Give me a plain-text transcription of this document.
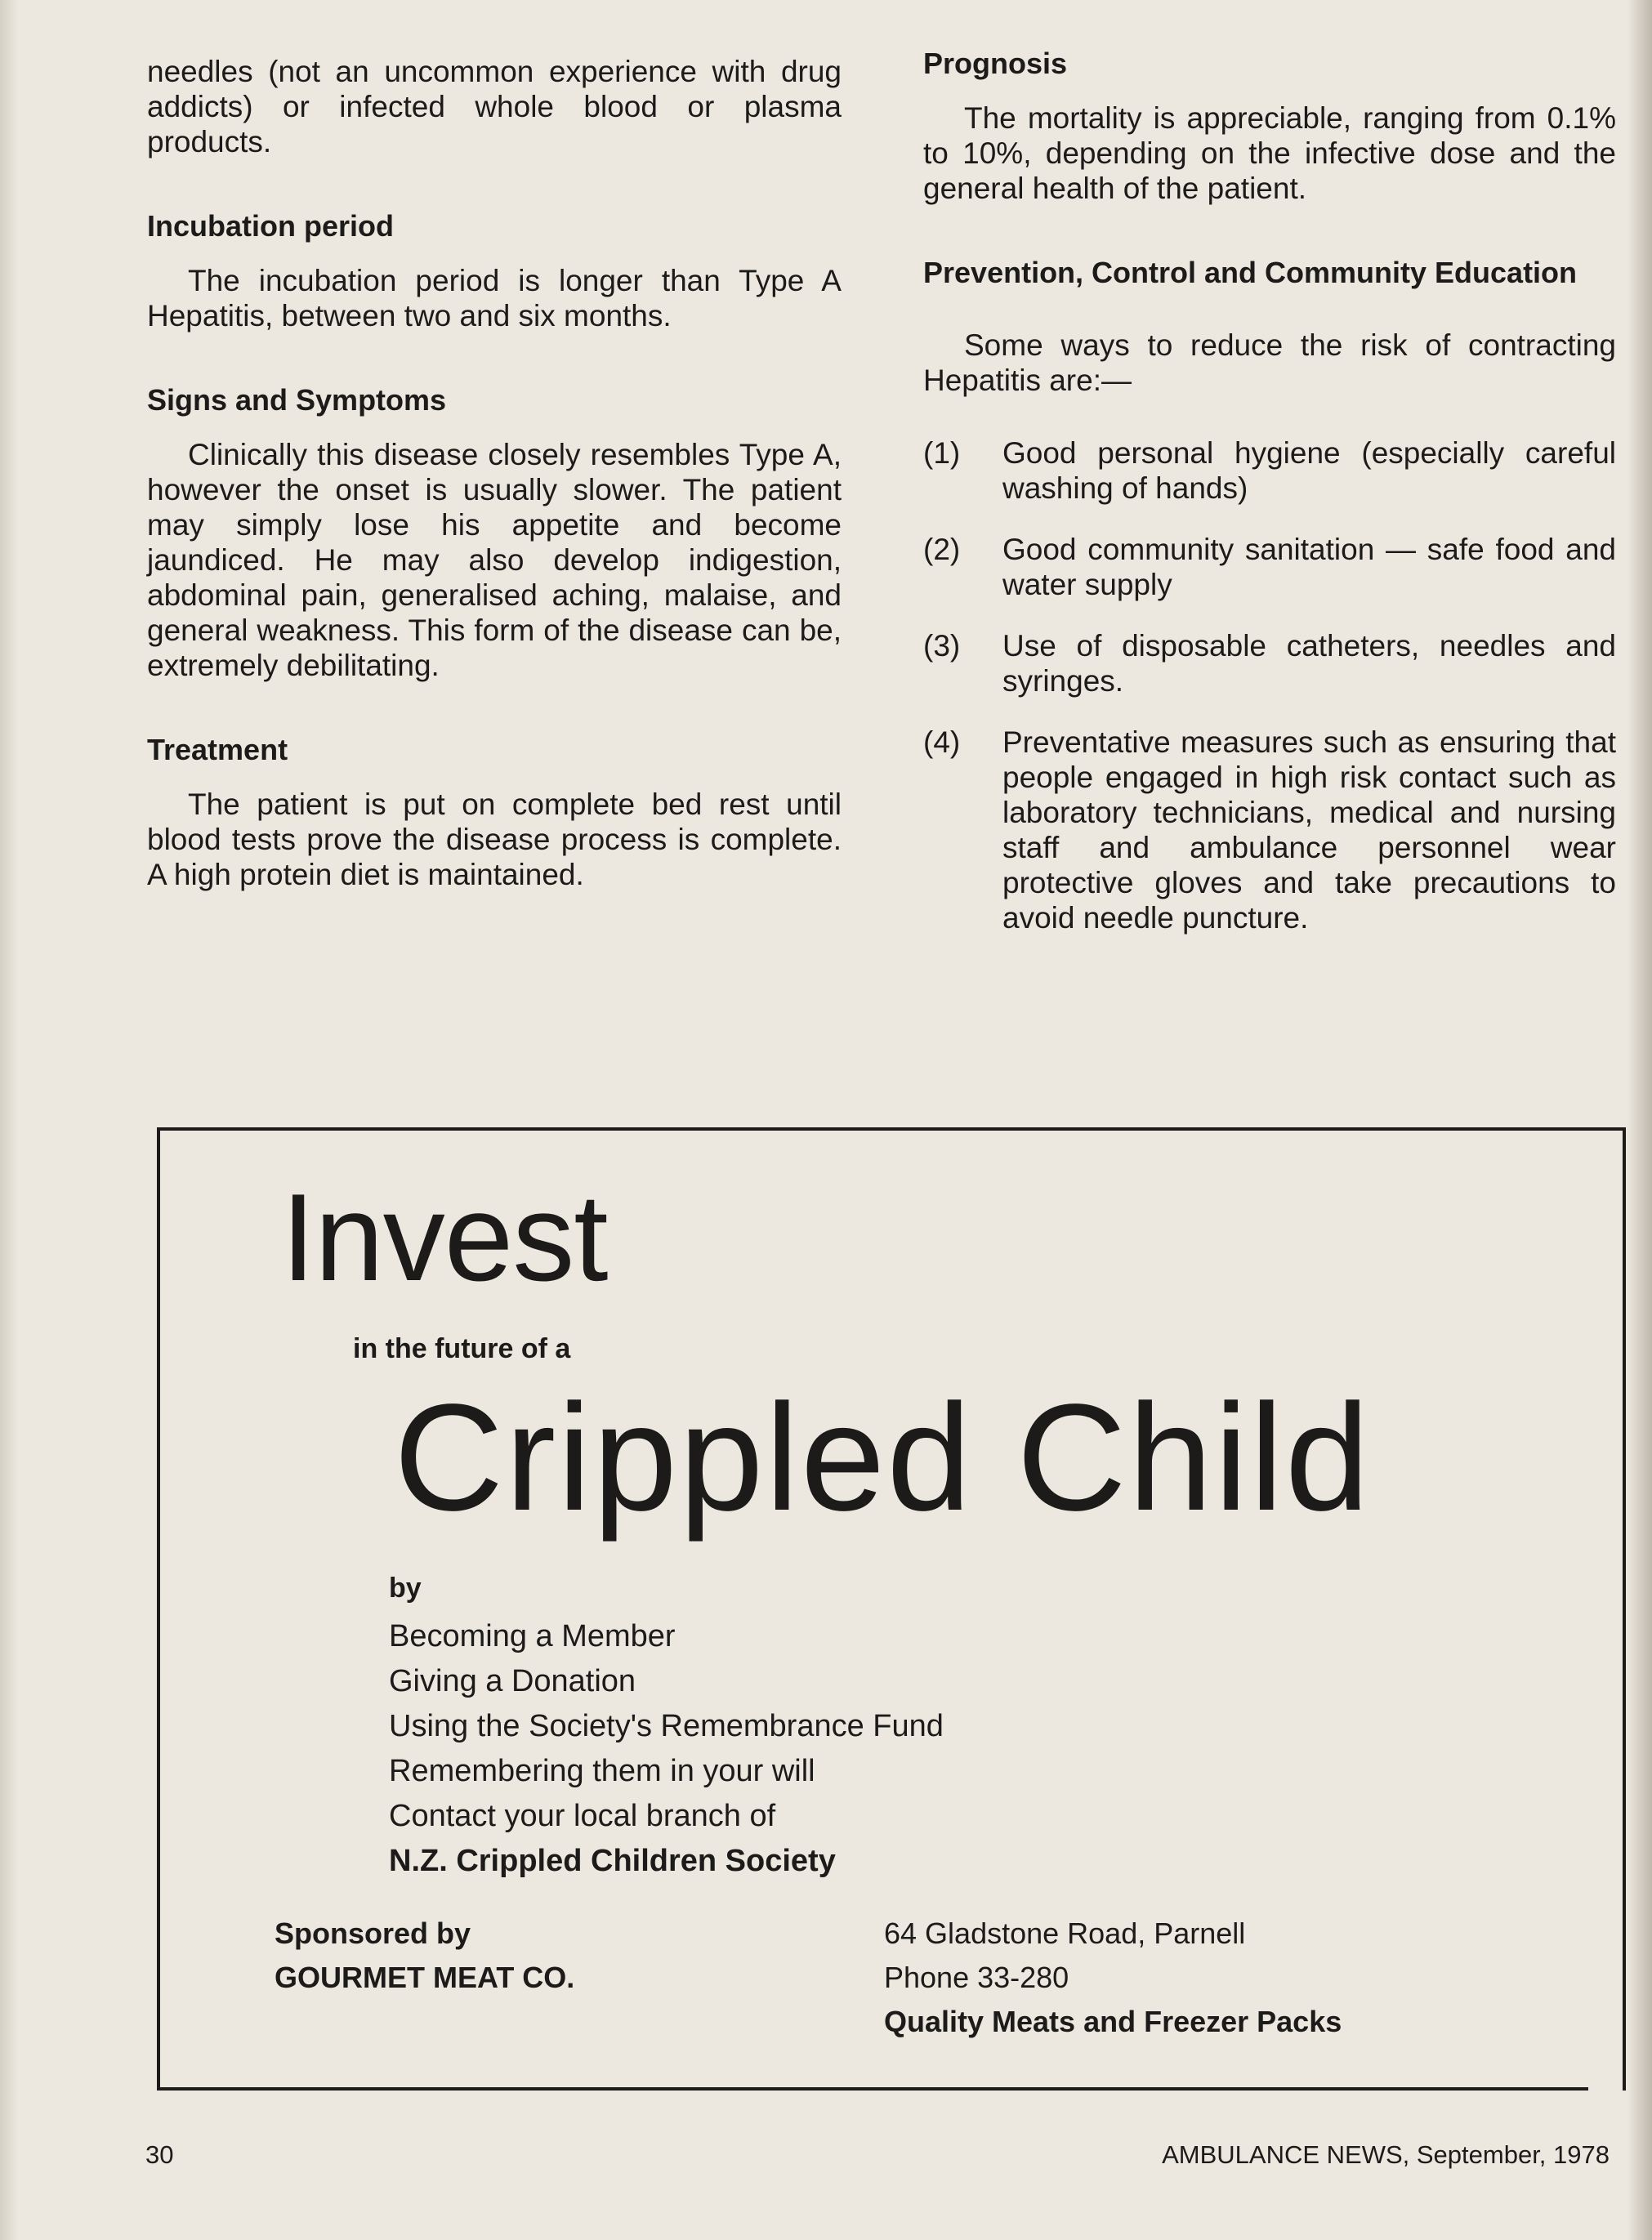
needles (not an uncommon experience with drug addicts) or infected whole blood or plasma products.

Incubation period

The incubation period is longer than Type A Hepatitis, between two and six months.

Signs and Symptoms

Clinically this disease closely resembles Type A, however the onset is usually slower. The patient may simply lose his appetite and become jaundiced. He may also develop indigestion, abdominal pain, generalised aching, malaise, and general weakness. This form of the disease can be, extremely debilitating.

Treatment

The patient is put on complete bed rest until blood tests prove the disease process is complete. A high protein diet is maintained.

Prognosis

The mortality is appreciable, ranging from 0.1% to 10%, depending on the infective dose and the general health of the patient.

Prevention, Control and Community Education

Some ways to reduce the risk of contracting Hepatitis are:—

(1)	Good personal hygiene (especially careful washing of hands)
(2)	Good community sanitation — safe food and water supply
(3)	Use of disposable catheters, needles and syringes.
(4)	Preventative measures such as ensuring that people engaged in high risk contact such as laboratory technicians, medical and nursing staff and ambulance personnel wear protective gloves and take precautions to avoid needle puncture.
Invest
in the future of a
Crippled Child
by
Becoming a Member
Giving a Donation
Using the Society's Remembrance Fund
Remembering them in your will
Contact your local branch of
N.Z. Crippled Children Society
Sponsored by
GOURMET MEAT CO.
64 Gladstone Road, Parnell
Phone 33-280
Quality Meats and Freezer Packs
30	AMBULANCE NEWS, September, 1978
